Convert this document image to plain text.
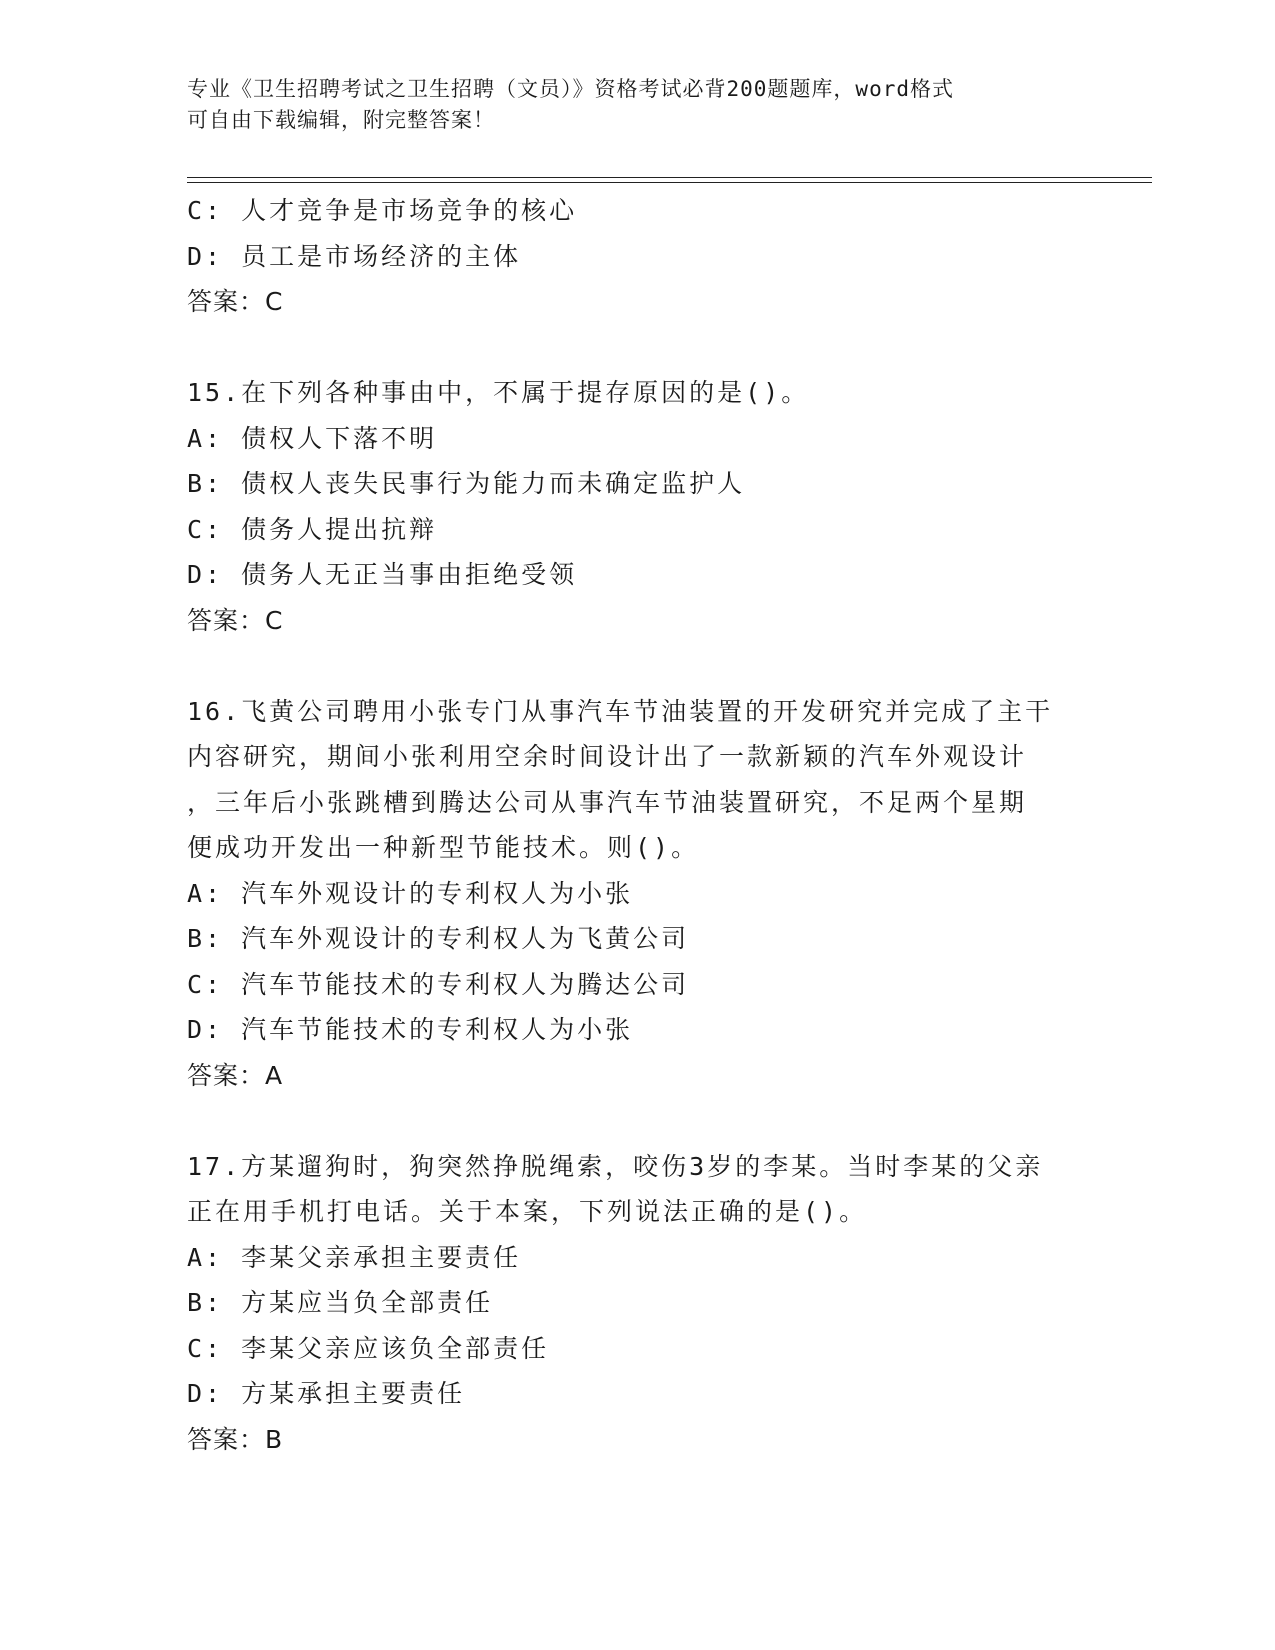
专业《卫生招聘考试之卫生招聘（文员）》资格考试必背200题题库，word格式
可自由下载编辑，附完整答案！
C: 人才竞争是市场竞争的核心
D: 员工是市场经济的主体
答案：C
15.在下列各种事由中，不属于提存原因的是()。
A: 债权人下落不明
B: 债权人丧失民事行为能力而未确定监护人
C: 债务人提出抗辩
D: 债务人无正当事由拒绝受领
答案：C
16.飞黄公司聘用小张专门从事汽车节油装置的开发研究并完成了主干
内容研究，期间小张利用空余时间设计出了一款新颖的汽车外观设计
，三年后小张跳槽到腾达公司从事汽车节油装置研究，不足两个星期
便成功开发出一种新型节能技术。则()。
A: 汽车外观设计的专利权人为小张
B: 汽车外观设计的专利权人为飞黄公司
C: 汽车节能技术的专利权人为腾达公司
D: 汽车节能技术的专利权人为小张
答案：A
17.方某遛狗时，狗突然挣脱绳索，咬伤3岁的李某。当时李某的父亲
正在用手机打电话。关于本案，下列说法正确的是()。
A: 李某父亲承担主要责任
B: 方某应当负全部责任
C: 李某父亲应该负全部责任
D: 方某承担主要责任
答案：B
